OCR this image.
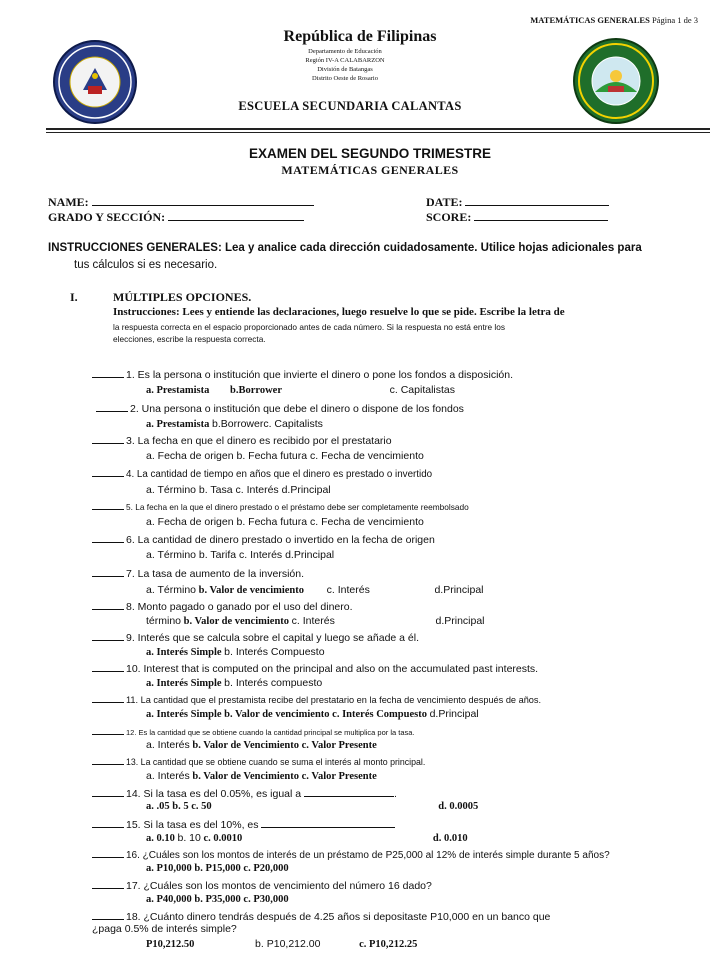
MATEMÁTICAS GENERALES Página 1 de 3
República de Filipinas
Departamento de Educación
Región IV-A CALABARZON
División de Batangas
Distrito Oeste de Rosario
ESCUELA SECUNDARIA CALANTAS
EXAMEN DEL SEGUNDO TRIMESTRE
MATEMÁTICAS GENERALES
NAME:
GRADO Y SECCIÓN:
DATE:
SCORE:
INSTRUCCIONES GENERALES: Lea y analice cada dirección cuidadosamente. Utilice hojas adicionales para
tus cálculos si es necesario.
I.	MÚLTIPLES OPCIONES.
Instrucciones: Lees y entiende las declaraciones, luego resuelve lo que se pide. Escribe la letra de
la respuesta correcta en el espacio proporcionado antes de cada número. Si la respuesta no está entre los
elecciones, escribe la respuesta correcta.
1. Es la persona o institución que invierte el dinero o pone los fondos a disposición.
a. Prestamista b.Borrower	c. Capitalistas
2. Una persona o institución que debe el dinero o dispone de los fondos
a. Prestamista b.Borrowerc. Capitalists
3. La fecha en que el dinero es recibido por el prestatario
a. Fecha de origen b. Fecha futura c. Fecha de vencimiento
4. La cantidad de tiempo en años que el dinero es prestado o invertido
a. Término b. Tasa c. Interés d.Principal
5. La fecha en la que el dinero prestado o el préstamo debe ser completamente reembolsado
a. Fecha de origen b. Fecha futura c. Fecha de vencimiento
6. La cantidad de dinero prestado o invertido en la fecha de origen
a. Término b. Tarifa c. Interés d.Principal
7. La tasa de aumento de la inversión.
a. Término b. Valor de vencimiento c. Interés	d.Principal
8. Monto pagado o ganado por el uso del dinero.
término b. Valor de vencimiento c. Interés	d.Principal
9. Interés que se calcula sobre el capital y luego se añade a él.
a. Interés Simple b. Interés Compuesto
10. Interest that is computed on the principal and also on the accumulated past interests.
a. Interés Simple b. Interés compuesto
11. La cantidad que el prestamista recibe del prestatario en la fecha de vencimiento después de años.
a. Interés Simple b. Valor de vencimiento c. Interés Compuesto d.Principal
12. Es la cantidad que se obtiene cuando la cantidad principal se multiplica por la tasa.
a. Interés b. Valor de Vencimiento c. Valor Presente
13. La cantidad que se obtiene cuando se suma el interés al monto principal.
a. Interés b. Valor de Vencimiento c. Valor Presente
14. Si la tasa es del 0.05%, es igual a	.
a. .05 b. 5 c. 50	d. 0.0005
15. Si la tasa es del 10%, es
a. 0.10 b. 10 c. 0.0010	d. 0.010
16. ¿Cuáles son los montos de interés de un préstamo de P25,000 al 12% de interés simple durante 5 años?
a. P10,000 b. P15,000 c. P20,000
17. ¿Cuáles son los montos de vencimiento del número 16 dado?
a. P40,000 b. P35,000 c. P30,000
18. ¿Cuánto dinero tendrás después de 4.25 años si depositaste P10,000 en un banco que
¿paga 0.5% de interés simple?
P10,212.50	b. P10,212.00	c. P10,212.25
